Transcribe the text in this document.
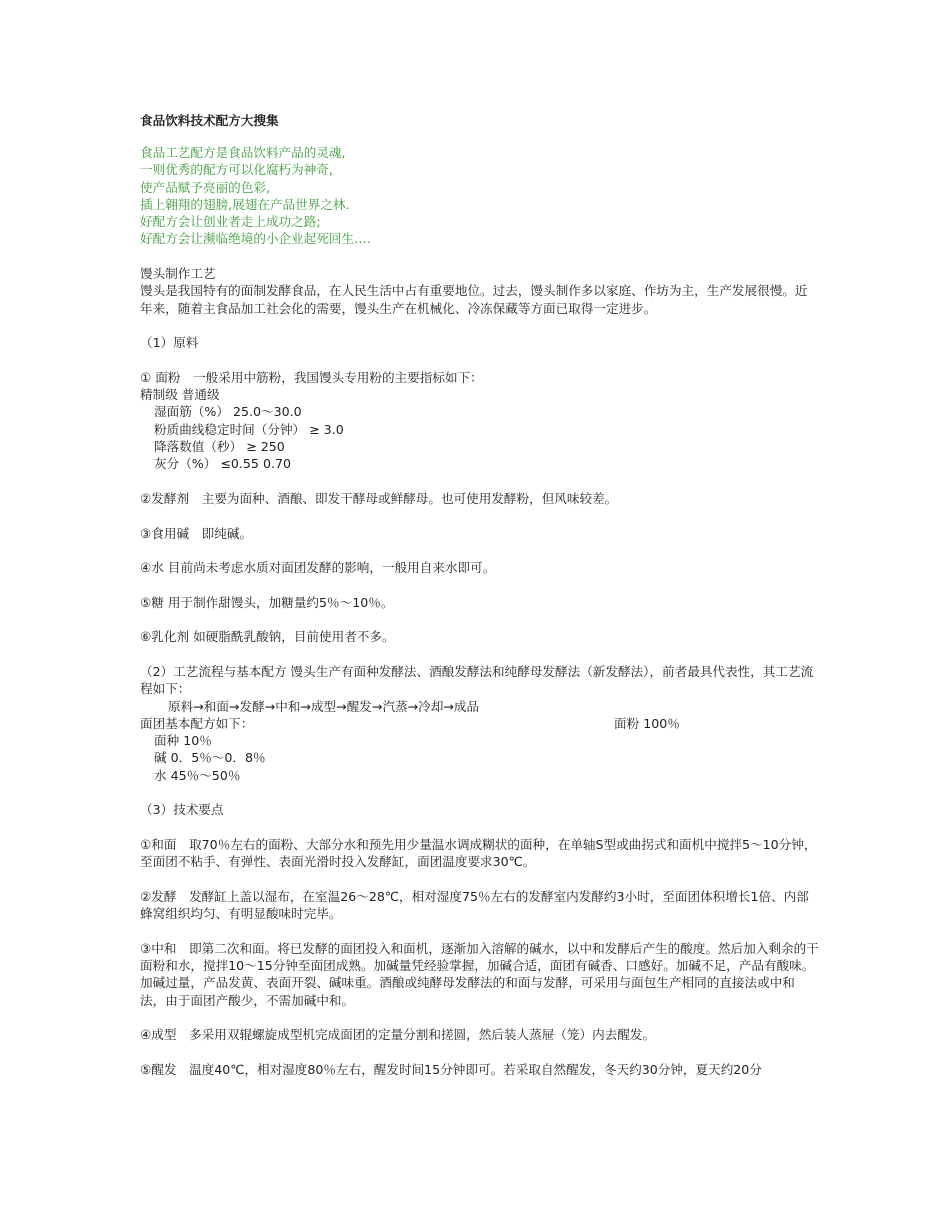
食品饮料技术配方大搜集
食品工艺配方是食品饮料产品的灵魂,
一则优秀的配方可以化腐朽为神奇,
使产品赋予亮丽的色彩,
插上翱翔的翅膀,展翅在产品世界之林.
好配方会让创业者走上成功之路;
好配方会让濒临绝境的小企业起死回生….
馒头制作工艺
馒头是我国特有的面制发酵食品，在人民生活中占有重要地位。过去，馒头制作多以家庭、作坊为主，生产发展很慢。近年来，随着主食品加工社会化的需要，馒头生产在机械化、冷冻保藏等方面已取得一定进步。
（1）原料
① 面粉　一般采用中筋粉，我国馒头专用粉的主要指标如下：
精制级 普通级
湿面筋（%） 25.0～30.0
粉质曲线稳定时间（分钟） ≥ 3.0
降落数值（秒） ≥ 250
灰分（%） ≤0.55 0.70
②发酵剂　主要为面种、酒酿、即发干酵母或鲜酵母。也可使用发酵粉，但风味较差。
③食用碱　即纯碱。
④水 目前尚未考虑水质对面团发酵的影响，一般用自来水即可。
⑤糖 用于制作甜馒头，加糖量约5％～10％。
⑥乳化剂 如硬脂酰乳酸钠，目前使用者不多。
（2）工艺流程与基本配方 馒头生产有面种发酵法、酒酿发酵法和纯酵母发酵法（新发酵法），前者最具代表性，其工艺流程如下：
原料→和面→发酵→中和→成型→醒发→汽蒸→冷却→成品
面团基本配方如下：	面粉 100％
面种 10％
碱 0．5％～0．8％
水 45％～50％
（3）技术要点
①和面　取70％左右的面粉、大部分水和预先用少量温水调成糊状的面种，在单轴S型或曲拐式和面机中搅拌5～10分钟，至面团不粘手、有弹性、表面光滑时投入发酵缸，面团温度要求30℃。
②发酵　发酵缸上盖以湿布，在室温26～28℃，相对湿度75％左右的发酵室内发酵约3小时，至面团体积增长1倍、内部蜂窝组织均匀、有明显酸味时完毕。
③中和　即第二次和面。将已发酵的面团投入和面机，逐渐加入溶解的碱水，以中和发酵后产生的酸度。然后加入剩余的干面粉和水，搅拌10～15分钟至面团成熟。加碱量凭经验掌握，加碱合适，面团有碱香、口感好。加碱不足，产品有酸味。加碱过量，产品发黄、表面开裂、碱味重。酒酿或纯酵母发酵法的和面与发酵，可采用与面包生产相同的直接法或中和法，由于面团产酸少，不需加碱中和。
④成型　多采用双辊螺旋成型机完成面团的定量分割和搓圆，然后装人蒸屉（笼）内去醒发。
⑤醒发　温度40℃，相对湿度80％左右，醒发时间15分钟即可。若采取自然醒发，冬天约30分钟，夏天约20分
